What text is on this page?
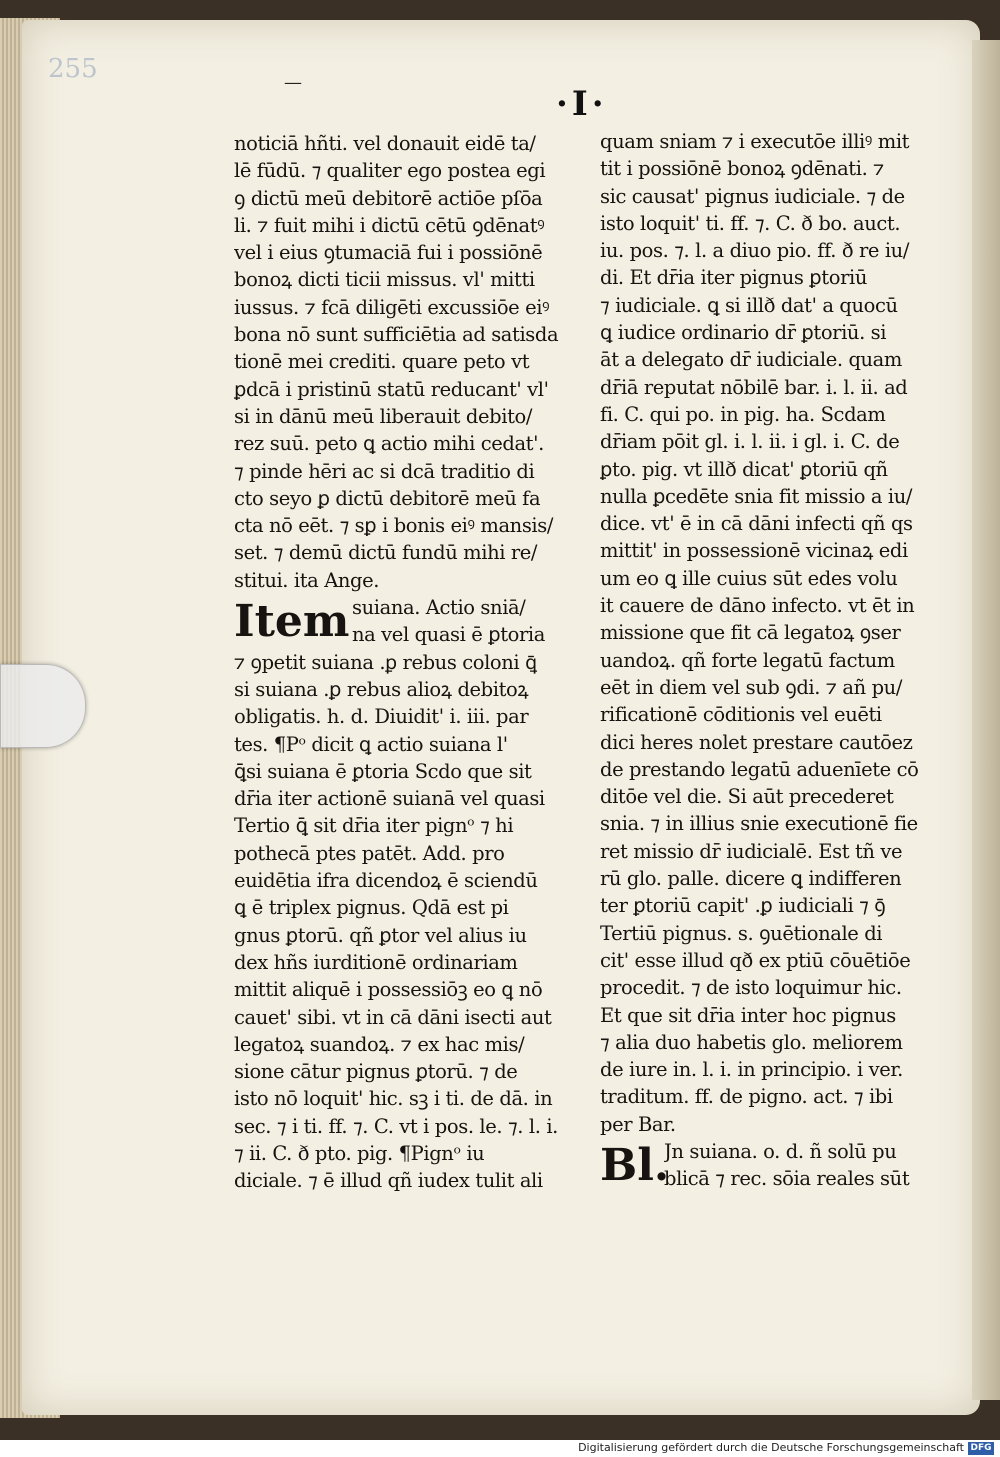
255	—
·I·
noticiā hñti. vel donauit eidē ta/
lē fūdū. ⁊ qualiter ego postea egi
ꝯ dictū meū debitorē actiōe pſōa
li. ⁊ fuit mihi i dictū cētū ꝯdēnatꝰ
vel i eius ꝯtumaciā fui i possiōnē
bonoꝝ dicti ticii missus. vl' mitti
iussus. ⁊ fcā diligēti excussiōe eiꝰ
bona nō sunt sufficiētia ad satisda
tionē mei crediti. quare peto vt
ꝑdcā i pristinū statū reducant' vl'
si in dānū meū liberauit debito/
rez suū. peto ꝗ actio mihi cedat'.
⁊ pinde hēri ac si dcā traditio di
cto seyo ꝑ dictū debitorē meū fa
cta nō eēt. ⁊ sꝑ i bonis eiꝰ mansis/
set. ⁊ demū dictū fundū mihi re/
stitui. ita Ange.
Item suiana. Actio sniā/
na vel quasi ē ꝑtoria
⁊ ꝯpetit suiana .ꝑ rebus coloni ꝗ̄
si suiana .ꝑ rebus alioꝝ debitoꝝ
obligatis. h. d. Diuidit' i. iii. par
tes. ¶Pᵒ dicit ꝗ actio suiana l'
ꝗ̄si suiana ē ꝑtoria Scdo que sit
dr̄ia iter actionē suianā vel quasi
Tertio ꝗ̄ sit dr̄ia iter pignᵒ ⁊ hi
pothecā ptes patēt. Add. pro
euidētia ifra dicendoꝝ ē sciendū
ꝗ ē triplex pignus. Qdā est pi
gnus ꝑtorū. qñ ꝑtor vel alius iu
dex hñs iurditionē ordinariam
mittit aliquē i possessiōꝫ eo ꝗ nō
cauet' sibi. vt in cā dāni isecti aut
legatoꝝ suandoꝝ. ⁊ ex hac mis/
sione cātur pignus ꝑtorū. ⁊ de
isto nō loquit' hic. sꝫ i ti. de dā. in
sec. ⁊ i ti. ff. ⁊. C. vt i pos. le. ⁊. l. i.
⁊ ii. C. ð pto. pig. ¶Pignᵒ iu
diciale. ⁊ ē illud qñ iudex tulit ali
quam sniam ⁊ i executōe illiꝰ mit
tit i possiōnē bonoꝝ ꝯdēnati. ⁊
sic causat' pignus iudiciale. ⁊ de
isto loquit' ti. ff. ⁊. C. ð bo. auct.
iu. pos. ⁊. l. a diuo pio. ff. ð re iu/
di. Et dr̄ia iter pignus ꝑtoriū
⁊ iudiciale. ꝗ si illð dat' a quocū
ꝗ iudice ordinario dr̄ ꝑtoriū. si
āt a delegato dr̄ iudiciale. quam
dr̄iā reputat nōbilē bar. i. l. ii. ad
fi. C. qui po. in pig. ha. Scdam
dr̄iam pōit gl. i. l. ii. i gl. i. C. de
ꝑto. pig. vt illð dicat' ꝑtoriū qñ
nulla ꝑcedēte snia fit missio a iu/
dice. vt' ē in cā dāni infecti qñ qs
mittit' in possessionē vicinaꝝ edi
um eo ꝗ ille cuius sūt edes volu
it cauere de dāno infecto. vt ēt in
missione que fit cā legatoꝝ ꝯser
uandoꝝ. qñ forte legatū factum
eēt in diem vel sub ꝯdi. ⁊ añ pu/
rificationē cōditionis vel euēti
dici heres nolet prestare cautōez
de prestando legatū aduenīete cō
ditōe vel die. Si aūt precederet
snia. ⁊ in illius snie executionē fie
ret missio dr̄ iudicialē. Est tñ ve
rū glo. palle. dicere ꝗ indifferen
ter ꝑtoriū capit' .ꝑ iudiciali ⁊ ꝯ̄
Tertiū pignus. s. ꝯuētionale di
cit' esse illud qð ex ptiū cōuētiōe
procedit. ⁊ de isto loquimur hic.
Et que sit dr̄ia inter hoc pignus
⁊ alia duo habetis glo. meliorem
de iure in. l. i. in principio. i ver.
traditum. ff. de pigno. act. ⁊ ibi
per Bar.
Bl.
Jn suiana. o. d. ñ solū pu
blicā ⁊ rec. sōia reales sūt
Digitalisierung gefördert durch die Deutsche Forschungsgemeinschaft DFG
